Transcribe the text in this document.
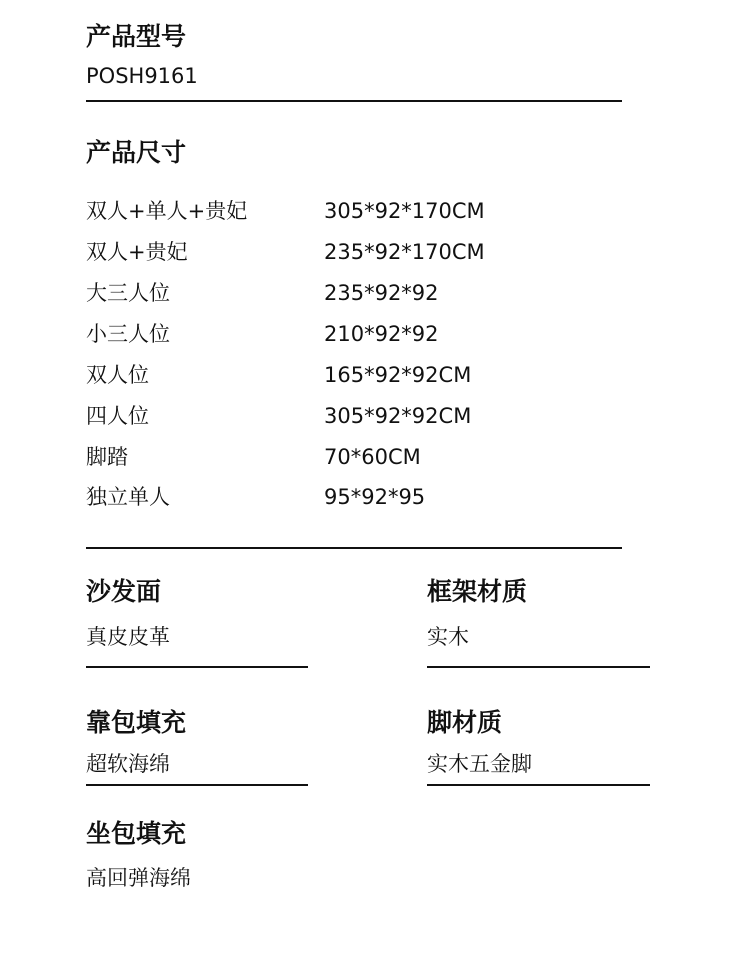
产品型号
POSH9161
产品尺寸
双人+单人+贵妃	305*92*170CM
双人+贵妃	235*92*170CM
大三人位	235*92*92
小三人位	210*92*92
双人位	165*92*92CM
四人位	305*92*92CM
脚踏	70*60CM
独立单人	95*92*95
沙发面
真皮皮革
框架材质
实木
靠包填充
超软海绵
脚材质
实木五金脚
坐包填充
高回弹海绵
